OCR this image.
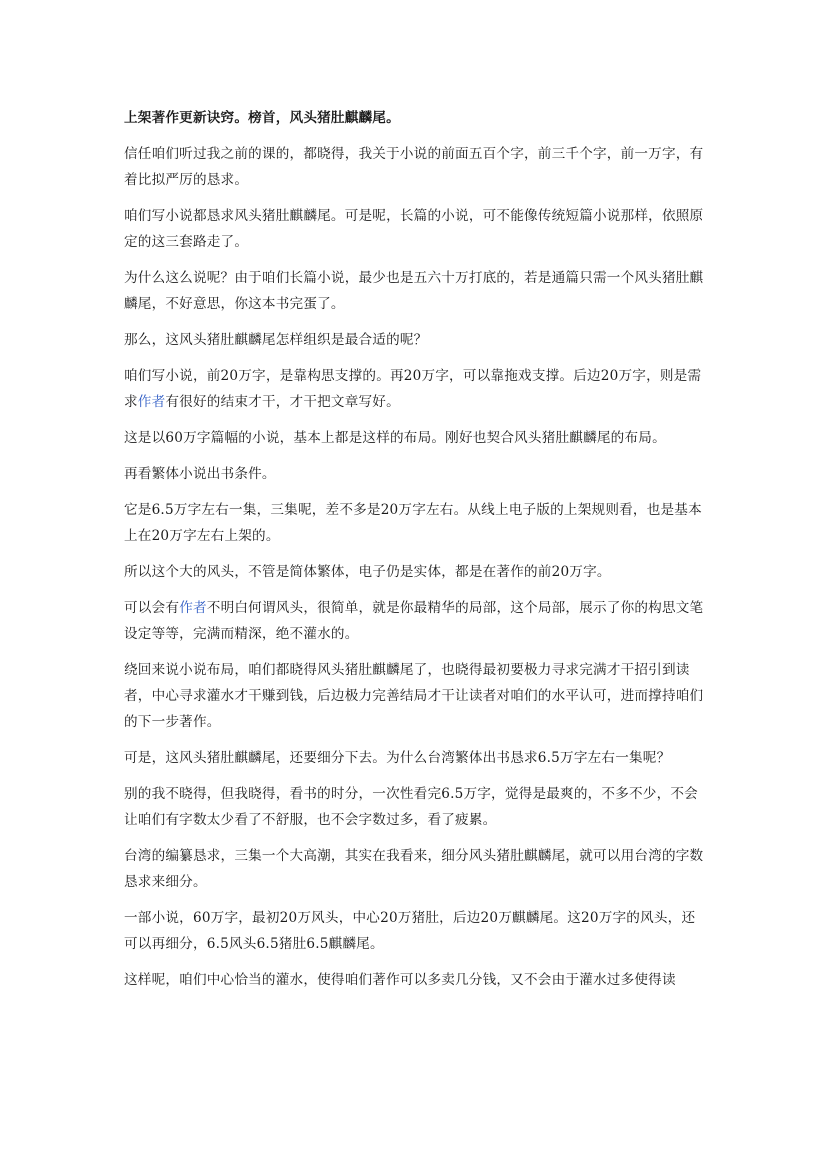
上架著作更新诀窍。榜首，风头猪肚麒麟尾。
信任咱们听过我之前的课的，都晓得，我关于小说的前面五百个字，前三千个字，前一万字，有着比拟严厉的恳求。
咱们写小说都恳求风头猪肚麒麟尾。可是呢，长篇的小说，可不能像传统短篇小说那样，依照原定的这三套路走了。
为什么这么说呢？由于咱们长篇小说，最少也是五六十万打底的，若是通篇只需一个风头猪肚麒麟尾，不好意思，你这本书完蛋了。
那么，这风头猪肚麒麟尾怎样组织是最合适的呢？
咱们写小说，前20万字，是靠构思支撑的。再20万字，可以靠拖戏支撑。后边20万字，则是需求作者有很好的结束才干，才干把文章写好。
这是以60万字篇幅的小说，基本上都是这样的布局。刚好也契合风头猪肚麒麟尾的布局。
再看繁体小说出书条件。
它是6.5万字左右一集，三集呢，差不多是20万字左右。从线上电子版的上架规则看，也是基本上在20万字左右上架的。
所以这个大的风头，不管是简体繁体，电子仍是实体，都是在著作的前20万字。
可以会有作者不明白何谓风头，很简单，就是你最精华的局部，这个局部，展示了你的构思文笔设定等等，完满而精深，绝不灌水的。
绕回来说小说布局，咱们都晓得风头猪肚麒麟尾了，也晓得最初要极力寻求完满才干招引到读者，中心寻求灌水才干赚到钱，后边极力完善结局才干让读者对咱们的水平认可，进而撑持咱们的下一步著作。
可是，这风头猪肚麒麟尾，还要细分下去。为什么台湾繁体出书恳求6.5万字左右一集呢？
别的我不晓得，但我晓得，看书的时分，一次性看完6.5万字，觉得是最爽的，不多不少，不会让咱们有字数太少看了不舒服，也不会字数过多，看了疲累。
台湾的编纂恳求，三集一个大高潮，其实在我看来，细分风头猪肚麒麟尾，就可以用台湾的字数恳求来细分。
一部小说，60万字，最初20万风头，中心20万猪肚，后边20万麒麟尾。这20万字的风头，还可以再细分，6.5风头6.5猪肚6.5麒麟尾。
这样呢，咱们中心恰当的灌水，使得咱们著作可以多卖几分钱，又不会由于灌水过多使得读
